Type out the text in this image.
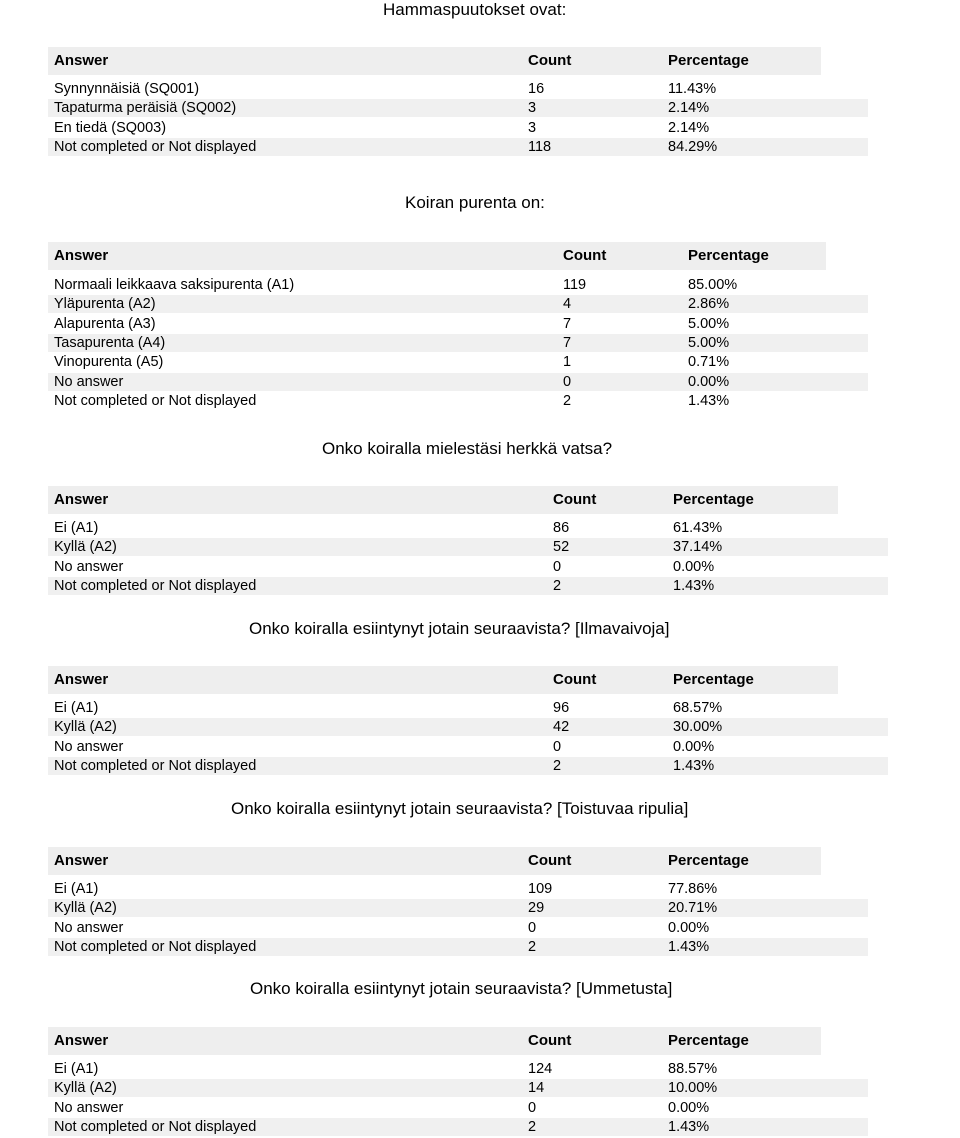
Hammaspuutokset ovat:
Answer	Count	Percentage
Synnynnäisiä (SQ001)	16	11.43%
Tapaturma peräisiä (SQ002)	3	2.14%
En tiedä (SQ003)	3	2.14%
Not completed or Not displayed	118	84.29%
Koiran purenta on:
Answer	Count	Percentage
Normaali leikkaava saksipurenta (A1)	119	85.00%
Yläpurenta (A2)	4	2.86%
Alapurenta (A3)	7	5.00%
Tasapurenta (A4)	7	5.00%
Vinopurenta (A5)	1	0.71%
No answer	0	0.00%
Not completed or Not displayed	2	1.43%
Onko koiralla mielestäsi herkkä vatsa?
Answer	Count	Percentage
Ei (A1)	86	61.43%
Kyllä (A2)	52	37.14%
No answer	0	0.00%
Not completed or Not displayed	2	1.43%
Onko koiralla esiintynyt jotain seuraavista? [Ilmavaivoja]
Answer	Count	Percentage
Ei (A1)	96	68.57%
Kyllä (A2)	42	30.00%
No answer	0	0.00%
Not completed or Not displayed	2	1.43%
Onko koiralla esiintynyt jotain seuraavista? [Toistuvaa ripulia]
Answer	Count	Percentage
Ei (A1)	109	77.86%
Kyllä (A2)	29	20.71%
No answer	0	0.00%
Not completed or Not displayed	2	1.43%
Onko koiralla esiintynyt jotain seuraavista? [Ummetusta]
Answer	Count	Percentage
Ei (A1)	124	88.57%
Kyllä (A2)	14	10.00%
No answer	0	0.00%
Not completed or Not displayed	2	1.43%
